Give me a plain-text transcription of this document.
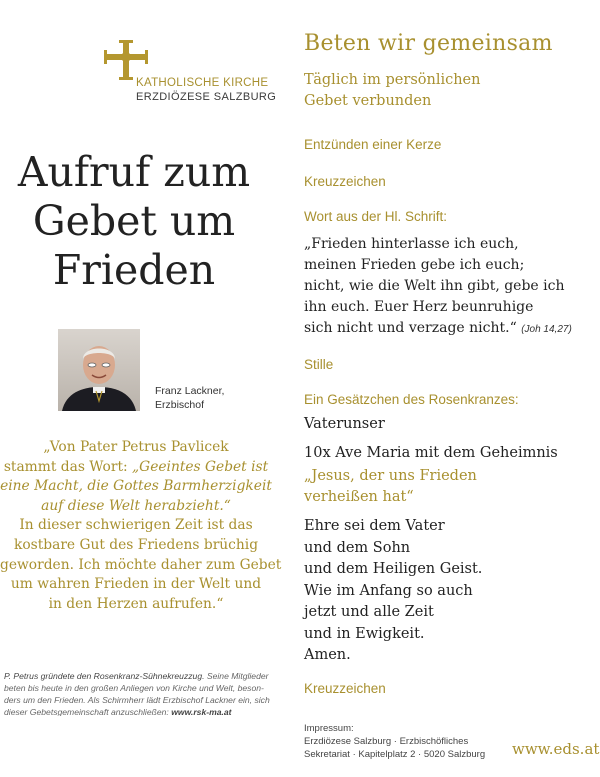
KATHOLISCHE KIRCHE
ERZDIÖZESE SALZBURG
Aufruf zum
Gebet um
Frieden
Franz Lackner,
Erzbischof
„Von Pater Petrus Pavlicek
stammt das Wort: „Geeintes Gebet ist
eine Macht, die Gottes Barmherzigkeit
auf diese Welt herabzieht.“
In dieser schwierigen Zeit ist das
kostbare Gut des Friedens brüchig
geworden. Ich möchte daher zum Gebet
um wahren Frieden in der Welt und
in den Herzen aufrufen.“
P. Petrus gründete den Rosenkranz-Sühnekreuzzug. Seine Mitglieder
beten bis heute in den großen Anliegen von Kirche und Welt, beson-
ders um den Frieden. Als Schirmherr lädt Erzbischof Lackner ein, sich
dieser Gebetsgemeinschaft anzuschließen: www.rsk-ma.at
Beten wir gemeinsam
Täglich im persönlichen
Gebet verbunden
Entzünden einer Kerze
Kreuzzeichen
Wort aus der Hl. Schrift:
„Frieden hinterlasse ich euch,
meinen Frieden gebe ich euch;
nicht, wie die Welt ihn gibt, gebe ich
ihn euch. Euer Herz beunruhige
sich nicht und verzage nicht.“ (Joh 14,27)
Stille
Ein Gesätzchen des Rosenkranzes:
Vaterunser
10x Ave Maria mit dem Geheimnis
„Jesus, der uns Frieden
verheißen hat“
Ehre sei dem Vater
und dem Sohn
und dem Heiligen Geist.
Wie im Anfang so auch
jetzt und alle Zeit
und in Ewigkeit.
Amen.
Kreuzzeichen
Impressum:
Erzdiözese Salzburg · Erzbischöfliches
Sekretariat · Kapitelplatz 2 · 5020 Salzburg www.eds.at
